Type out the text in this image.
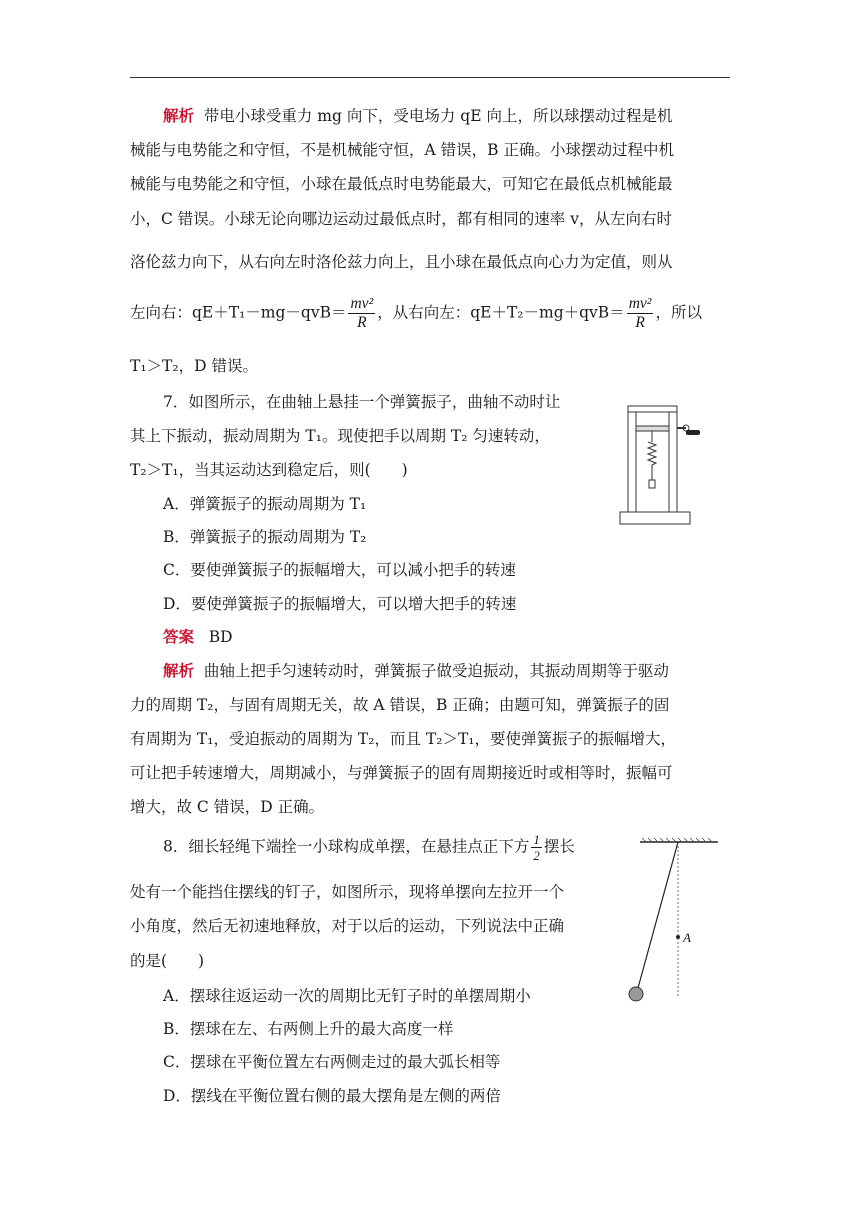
解析 带电小球受重力 mg 向下，受电场力 qE 向上，所以球摆动过程是机
械能与电势能之和守恒，不是机械能守恒，A 错误，B 正确。小球摆动过程中机
械能与电势能之和守恒，小球在最低点时电势能最大，可知它在最低点机械能最
小，C 错误。小球无论向哪边运动过最低点时，都有相同的速率 v，从左向右时
洛伦兹力向下，从右向左时洛伦兹力向上，且小球在最低点向心力为定值，则从
左向右：$qE+T_1-mg-qvB= \frac{\text{mv²}}{R}$ ，从右向左：$qE+T_2-mg+qvB= \frac{\text{mv²}}{R}$ ，所以
T₁＞T₂，D 错误。
7．如图所示，在曲轴上悬挂一个弹簧振子，曲轴不动时让
其上下振动，振动周期为 T₁。现使把手以周期 T₂ 匀速转动，
T₂＞T₁，当其运动达到稳定后，则(　　)
A．弹簧振子的振动周期为 T₁
B．弹簧振子的振动周期为 T₂
C．要使弹簧振子的振幅增大，可以减小把手的转速
D．要使弹簧振子的振幅增大，可以增大把手的转速
答案 BD
解析 曲轴上把手匀速转动时，弹簧振子做受迫振动，其振动周期等于驱动
力的周期 T₂，与固有周期无关，故 A 错误，B 正确；由题可知，弹簧振子的固
有周期为 T₁，受迫振动的周期为 T₂，而且 T₂＞T₁，要使弹簧振子的振幅增大，
可让把手转速增大，周期减小，与弹簧振子的固有周期接近时或相等时，振幅可
增大，故 C 错误，D 正确。
8．细长轻绳下端拴一小球构成单摆，在悬挂点正下方 $\frac{1}{2}$ 摆长
处有一个能挡住摆线的钉子，如图所示，现将单摆向左拉开一个
小角度，然后无初速地释放，对于以后的运动，下列说法中正确
的是(　　)
A．摆球往返运动一次的周期比无钉子时的单摆周期小
B．摆球在左、右两侧上升的最大高度一样
C．摆球在平衡位置左右两侧走过的最大弧长相等
D．摆线在平衡位置右侧的最大摆角是左侧的两倍
A
